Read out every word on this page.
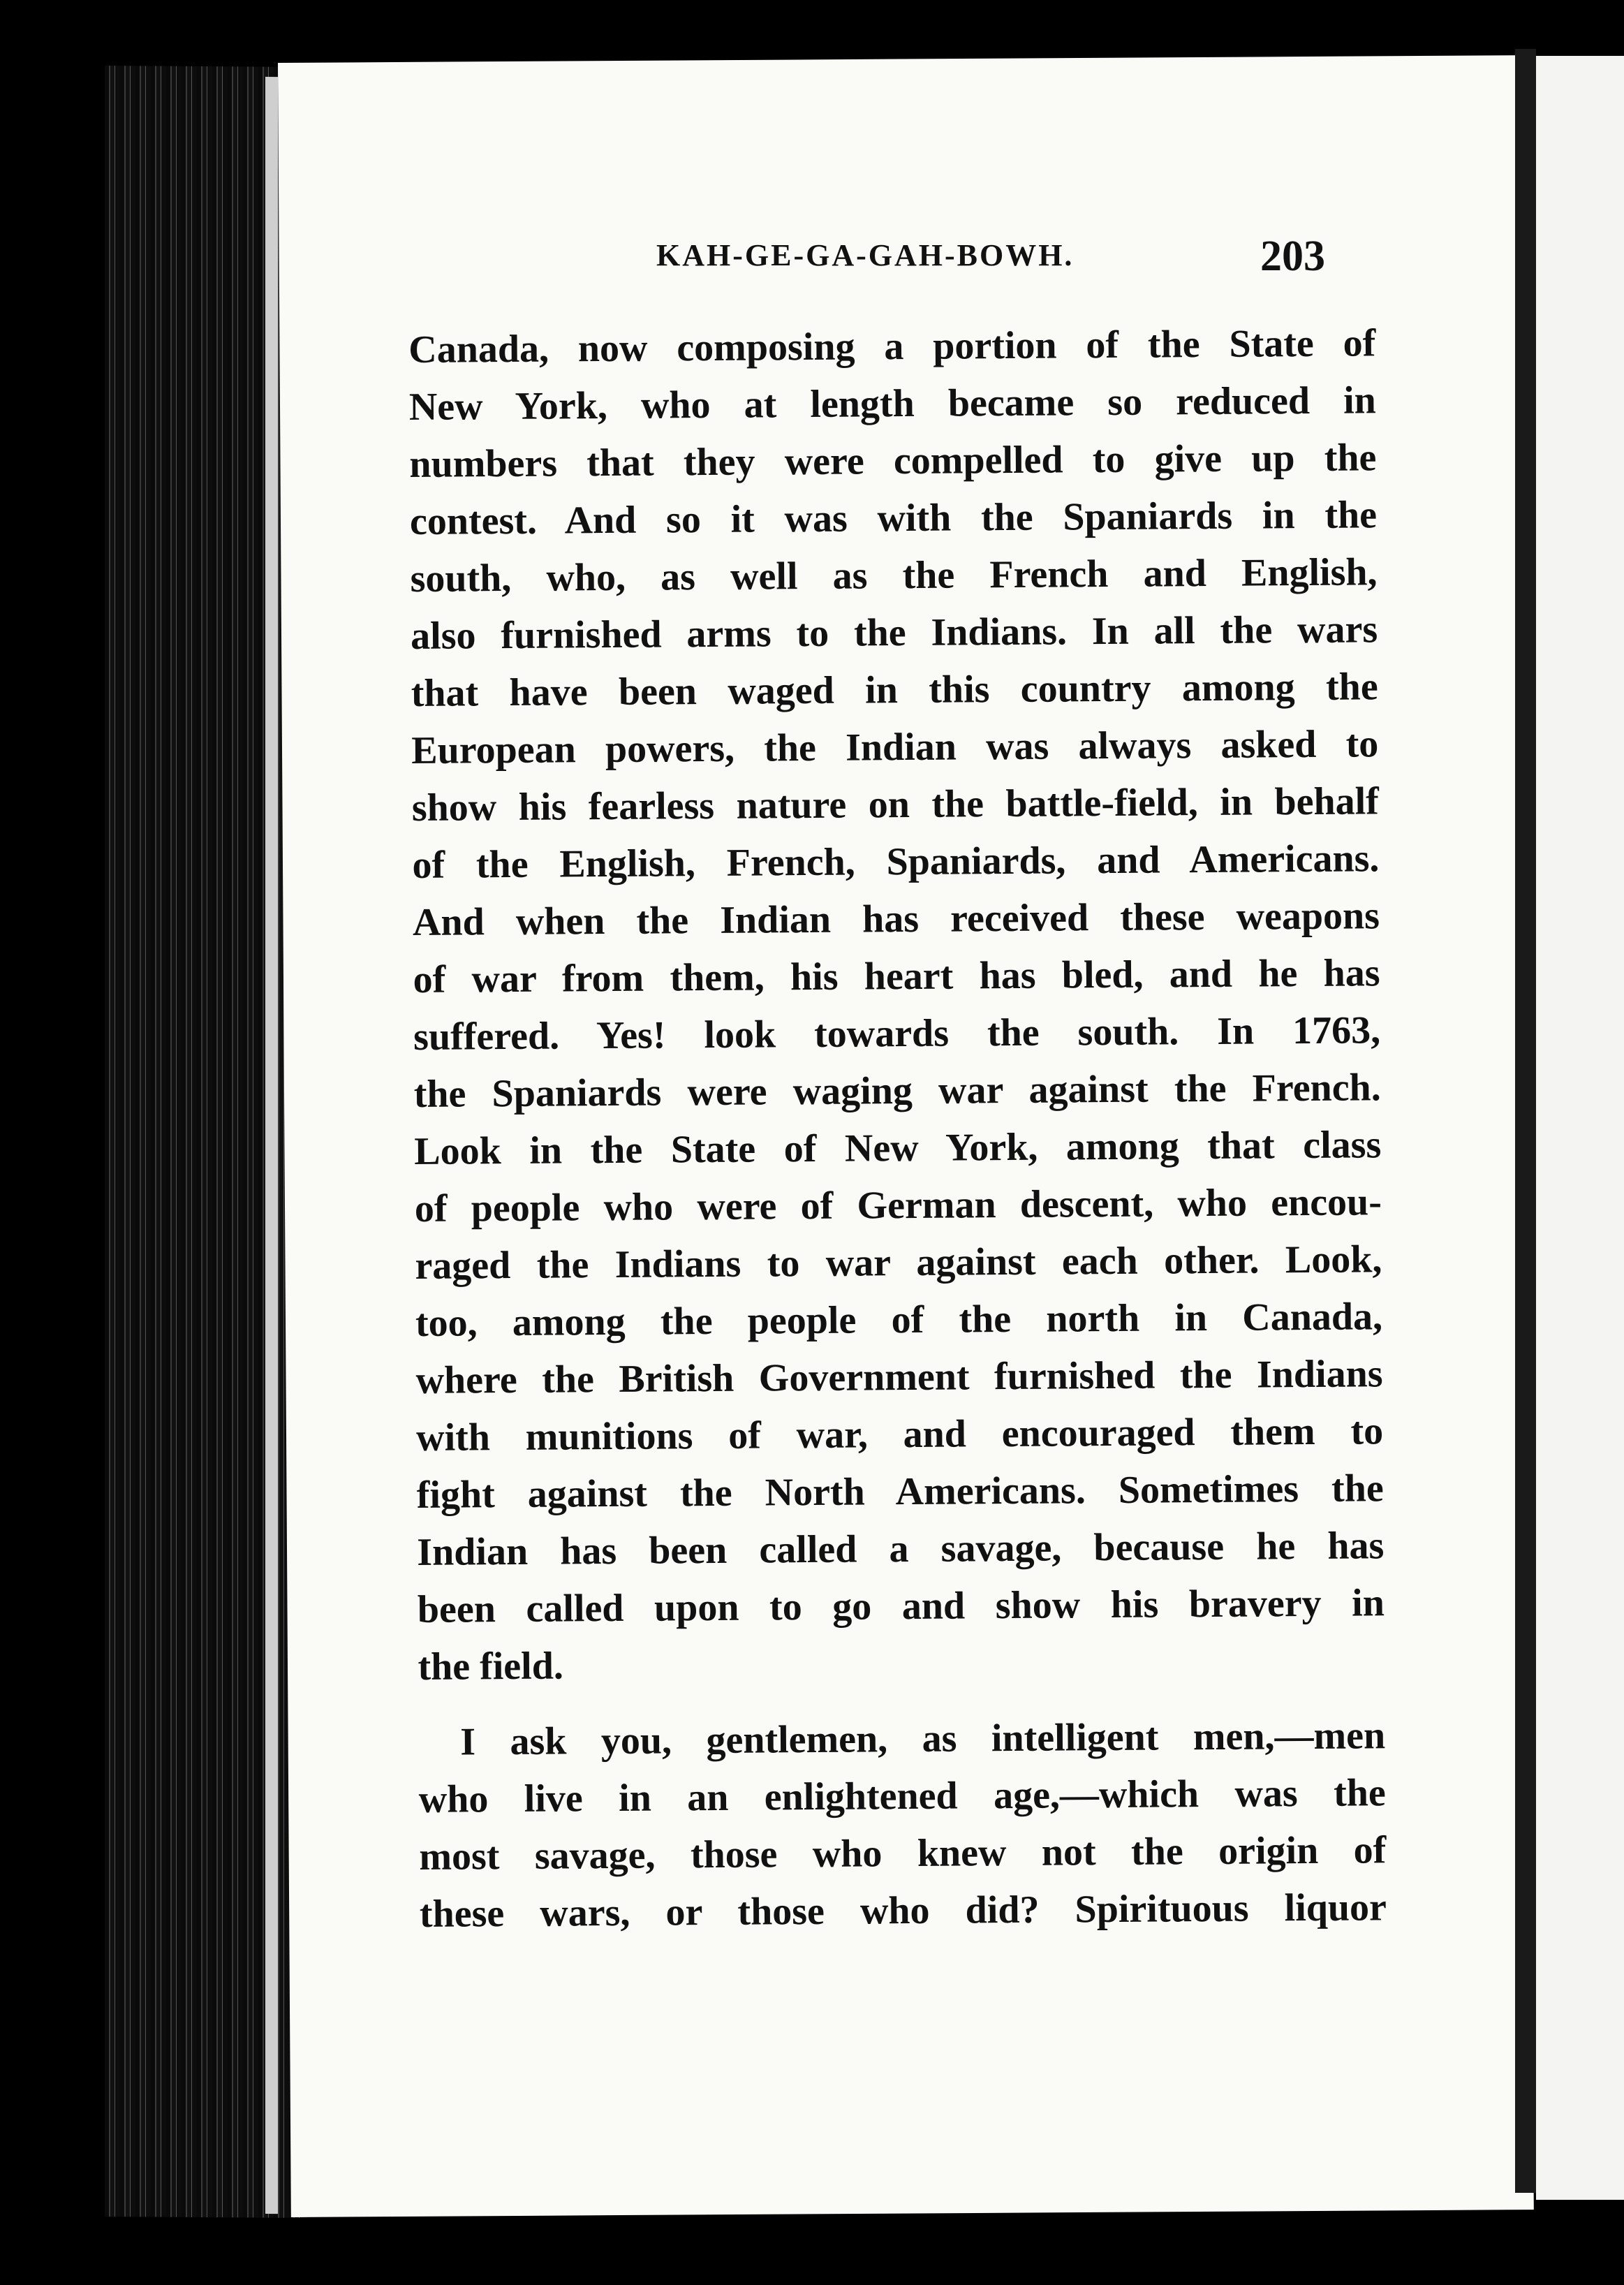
KAH-GE-GA-GAH-BOWH.	203
Canada, now composing a portion of the State of
New York, who at length became so reduced in
numbers that they were compelled to give up the
contest. And so it was with the Spaniards in the
south, who, as well as the French and English,
also furnished arms to the Indians. In all the wars
that have been waged in this country among the
European powers, the Indian was always asked to
show his fearless nature on the battle-field, in behalf
of the English, French, Spaniards, and Americans.
And when the Indian has received these weapons
of war from them, his heart has bled, and he has
suffered. Yes! look towards the south. In 1763,
the Spaniards were waging war against the French.
Look in the State of New York, among that class
of people who were of German descent, who encou-
raged the Indians to war against each other. Look,
too, among the people of the north in Canada,
where the British Government furnished the Indians
with munitions of war, and encouraged them to
fight against the North Americans. Sometimes the
Indian has been called a savage, because he has
been called upon to go and show his bravery in
the field.
I ask you, gentlemen, as intelligent men,—men
who live in an enlightened age,—which was the
most savage, those who knew not the origin of
these wars, or those who did? Spirituous liquor
